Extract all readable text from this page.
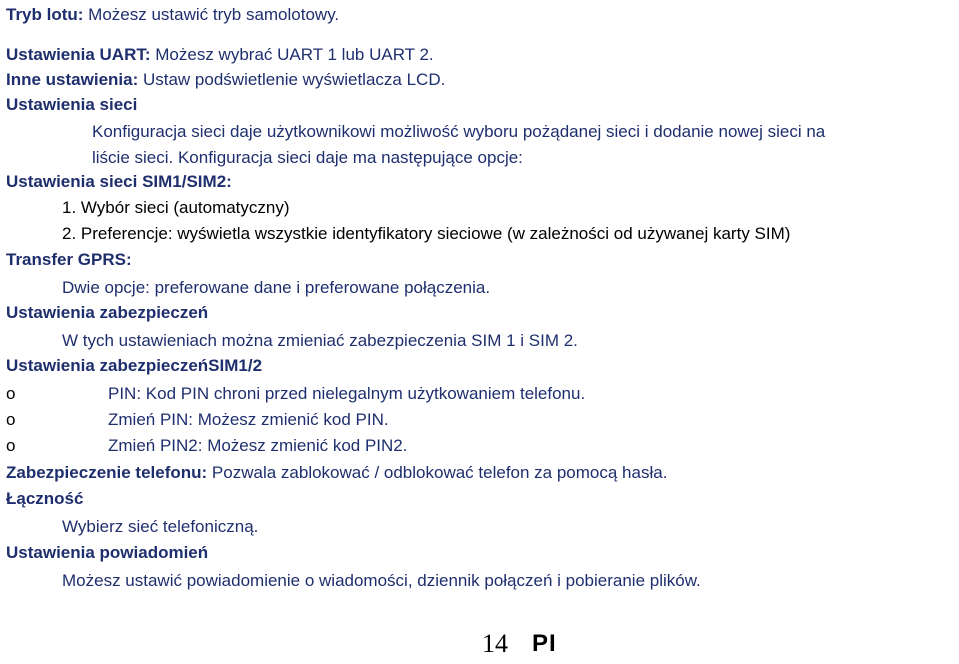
Tryb lotu: Możesz ustawić tryb samolotowy.
Ustawienia UART: Możesz wybrać UART 1 lub UART 2.
Inne ustawienia: Ustaw podświetlenie wyświetlacza LCD.
Ustawienia sieci
Konfiguracja sieci daje użytkownikowi możliwość wyboru pożądanej sieci i dodanie nowej sieci na
liście sieci. Konfiguracja sieci daje ma następujące opcje:
Ustawienia sieci SIM1/SIM2:
1. Wybór sieci (automatyczny)
2. Preferencje: wyświetla wszystkie identyfikatory sieciowe (w zależności od używanej karty SIM)
Transfer GPRS:
Dwie opcje: preferowane dane i preferowane połączenia.
Ustawienia zabezpieczeń
W tych ustawieniach można zmieniać zabezpieczenia SIM 1 i SIM 2.
Ustawienia zabezpieczeńSIM1/2
o	PIN: Kod PIN chroni przed nielegalnym użytkowaniem telefonu.
o	Zmień PIN: Możesz zmienić kod PIN.
o	Zmień PIN2: Możesz zmienić kod PIN2.
Zabezpieczenie telefonu: Pozwala zablokować / odblokować telefon za pomocą hasła.
Łączność
Wybierz sieć telefoniczną.
Ustawienia powiadomień
Możesz ustawić powiadomienie o wiadomości, dziennik połączeń i pobieranie plików.
14 PI
